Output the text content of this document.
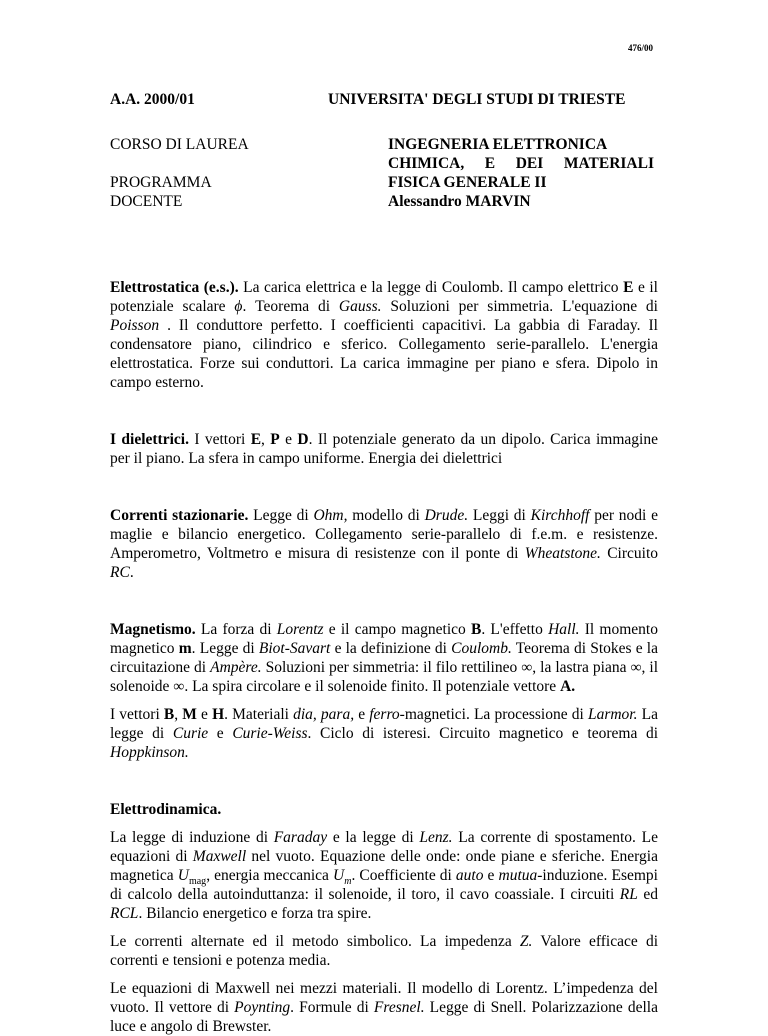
476/00
A.A. 2000/01	UNIVERSITA' DEGLI STUDI DI TRIESTE
CORSO DI LAUREA	INGEGNERIA ELETTRONICA
CHIMICA, E DEI MATERIALI
PROGRAMMA	FISICA GENERALE II
DOCENTE	Alessandro MARVIN

Elettrostatica (e.s.). La carica elettrica e la legge di Coulomb. Il campo elettrico E e il potenziale scalare ϕ. Teorema di Gauss. Soluzioni per simmetria. L'equazione di Poisson . Il conduttore perfetto. I coefficienti capacitivi. La gabbia di Faraday. Il condensatore piano, cilindrico e sferico. Collegamento serie-parallelo. L'energia elettrostatica. Forze sui conduttori. La carica immagine per piano e sfera. Dipolo in campo esterno.

I dielettrici. I vettori E, P e D. Il potenziale generato da un dipolo. Carica immagine per il piano. La sfera in campo uniforme. Energia dei dielettrici

Correnti stazionarie. Legge di Ohm, modello di Drude. Leggi di Kirchhoff per nodi e maglie e bilancio energetico. Collegamento serie-parallelo di f.e.m. e resistenze. Amperometro, Voltmetro e misura di resistenze con il ponte di Wheatstone. Circuito RC.

Magnetismo. La forza di Lorentz e il campo magnetico B. L'effetto Hall. Il momento magnetico m. Legge di Biot-Savart e la definizione di Coulomb. Teorema di Stokes e la circuitazione di Ampère. Soluzioni per simmetria: il filo rettilineo ∞, la lastra piana ∞, il solenoide ∞. La spira circolare e il solenoide finito. Il potenziale vettore A.

I vettori B, M e H. Materiali dia, para, e ferro-magnetici. La processione di Larmor. La legge di Curie e Curie-Weiss. Ciclo di isteresi. Circuito magnetico e teorema di Hoppkinson.

Elettrodinamica.

La legge di induzione di Faraday e la legge di Lenz. La corrente di spostamento. Le equazioni di Maxwell nel vuoto. Equazione delle onde: onde piane e sferiche. Energia magnetica $U_{mag}$, energia meccanica $U_m$. Coefficiente di auto e mutua-induzione. Esempi di calcolo della autoinduttanza: il solenoide, il toro, il cavo coassiale. I circuiti RL ed RCL. Bilancio energetico e forza tra spire.

Le correnti alternate ed il metodo simbolico. La impedenza Z. Valore efficace di correnti e tensioni e potenza media.

Le equazioni di Maxwell nei mezzi materiali. Il modello di Lorentz. L’impedenza del vuoto. Il vettore di Poynting. Formule di Fresnel. Legge di Snell. Polarizzazione della luce e angolo di Brewster.
